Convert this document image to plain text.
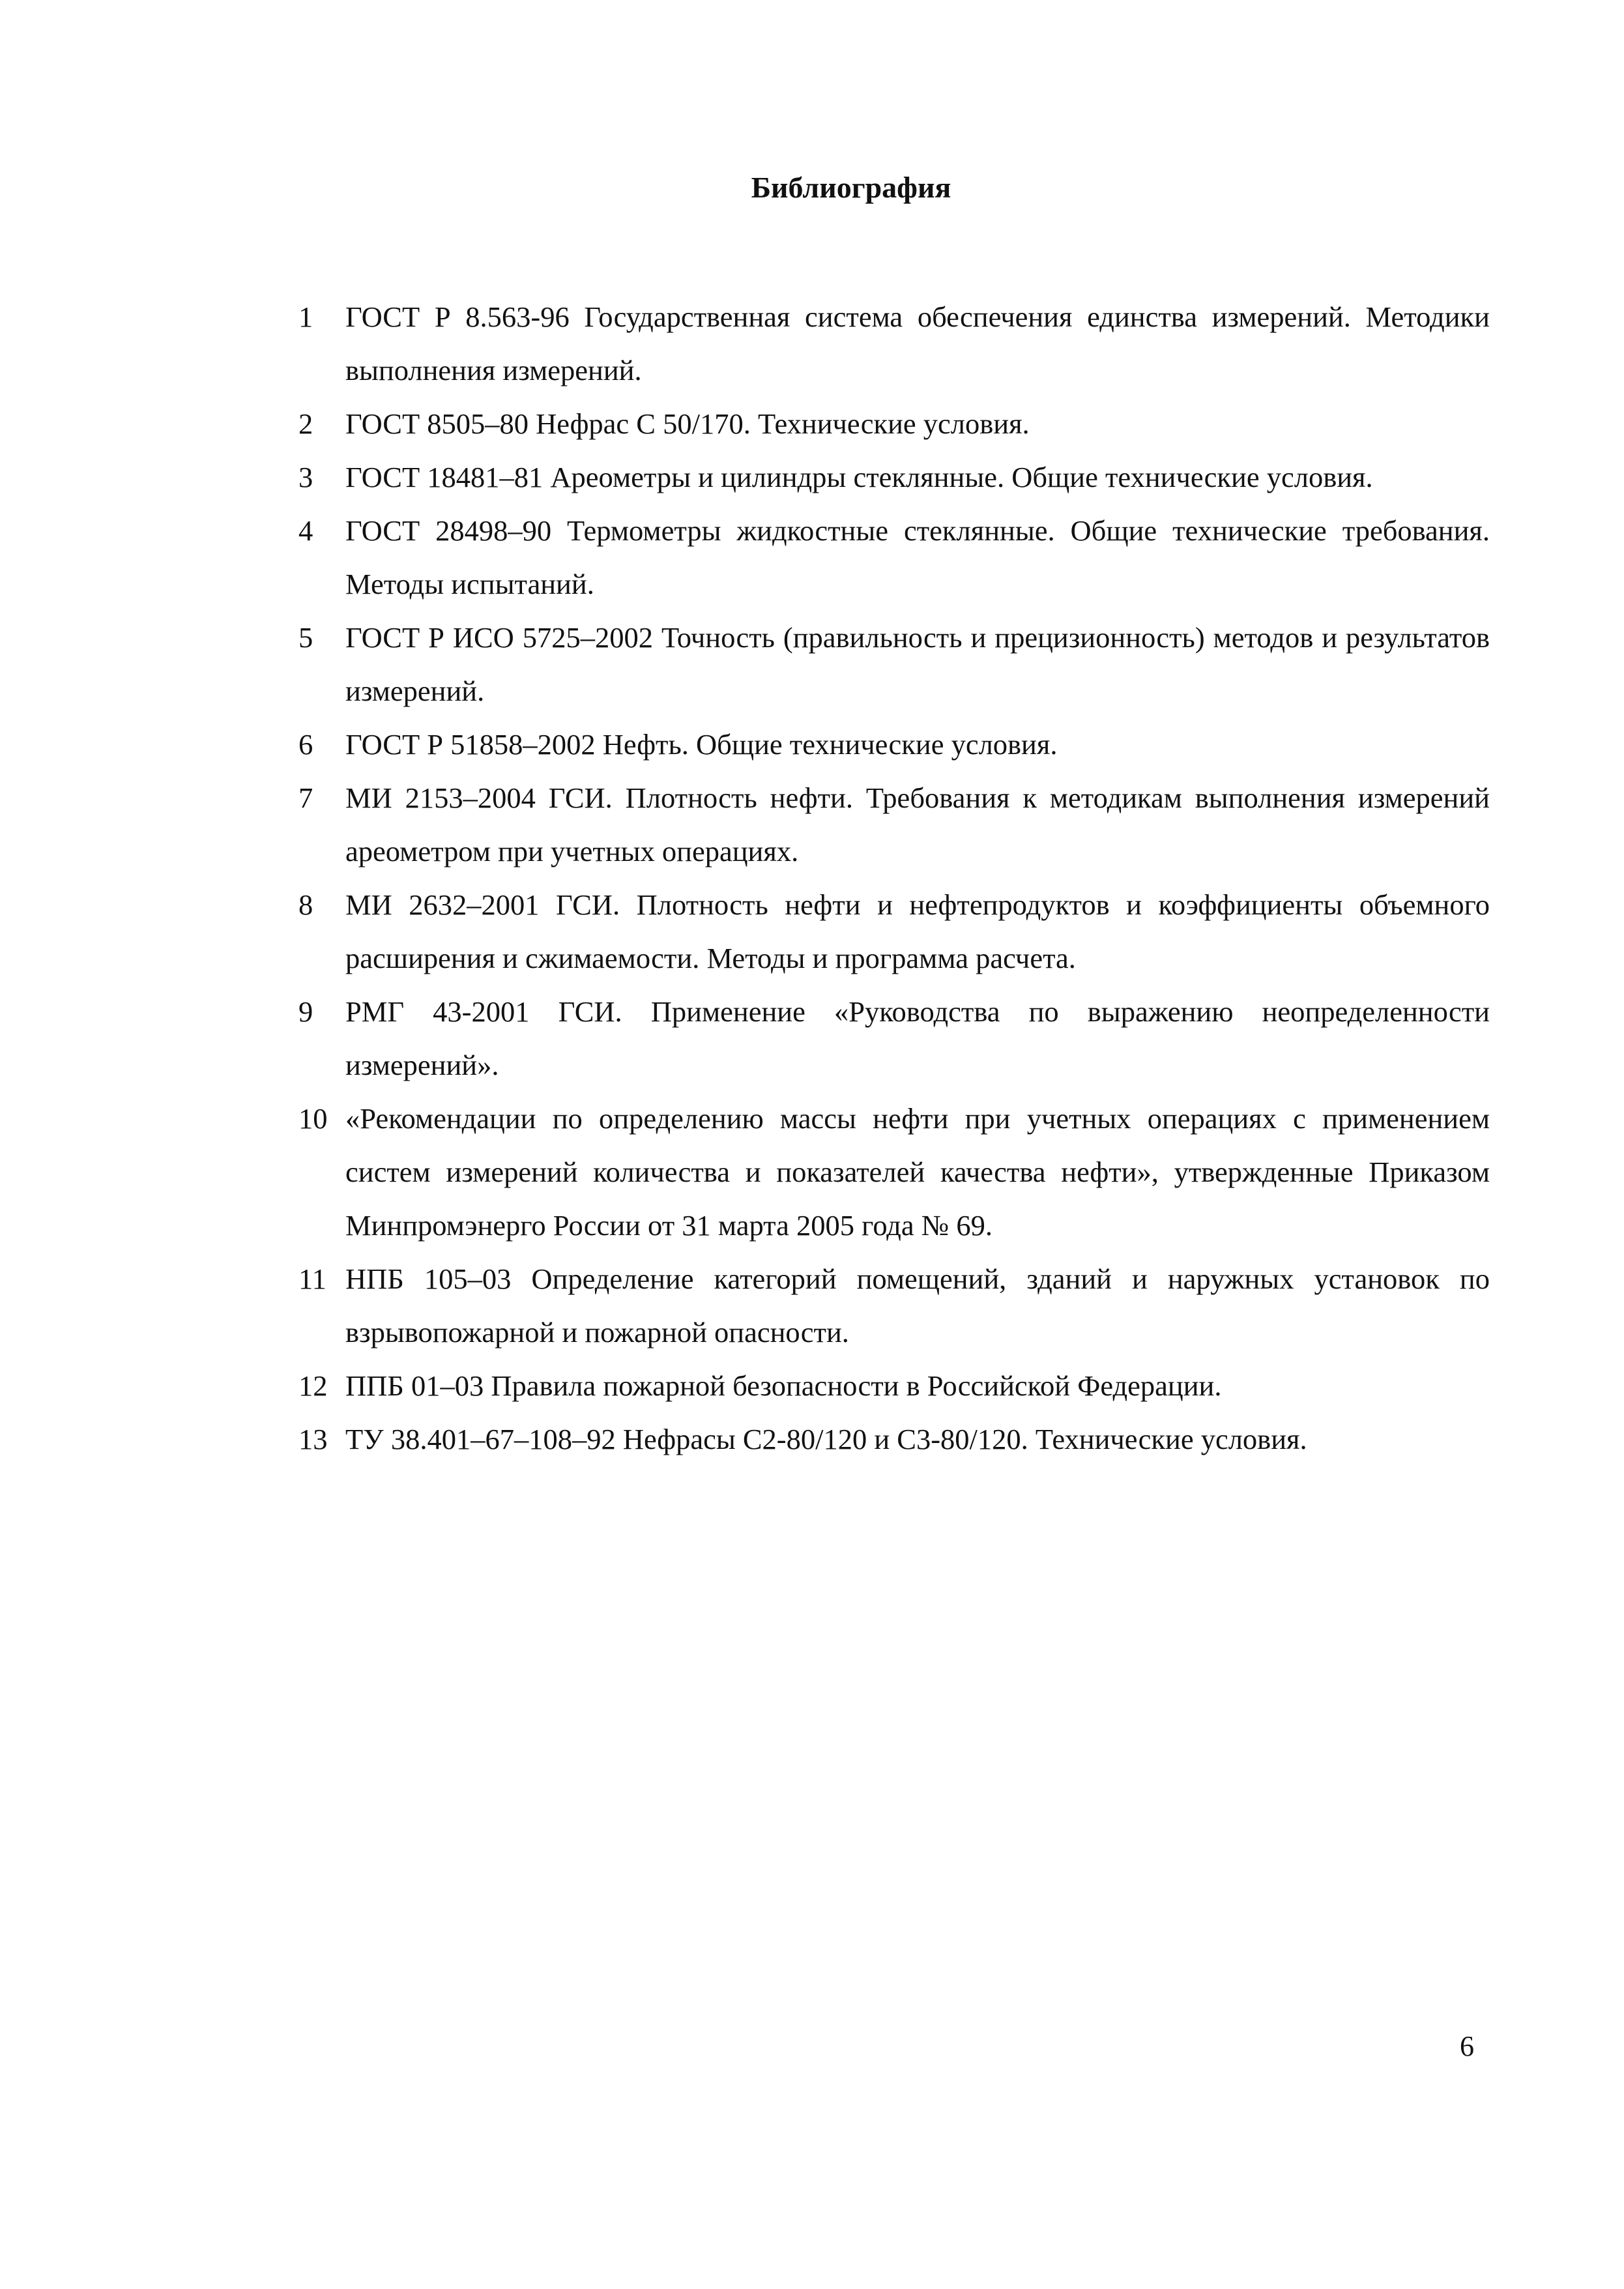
Библиография
1	ГОСТ Р 8.563-96 Государственная система обеспечения единства измерений. Методики выполнения измерений.
2	ГОСТ 8505–80 Нефрас С 50/170. Технические условия.
3	ГОСТ 18481–81 Ареометры и цилиндры стеклянные. Общие технические условия.
4	ГОСТ 28498–90 Термометры жидкостные стеклянные. Общие технические требования. Методы испытаний.
5	ГОСТ Р ИСО 5725–2002 Точность (правильность и прецизионность) методов и результатов измерений.
6	ГОСТ Р 51858–2002 Нефть. Общие технические условия.
7	МИ 2153–2004 ГСИ. Плотность нефти. Требования к методикам выполнения измерений ареометром при учетных операциях.
8	МИ 2632–2001 ГСИ. Плотность нефти и нефтепродуктов и коэффициенты объемного расширения и сжимаемости. Методы и программа расчета.
9	РМГ 43-2001 ГСИ. Применение «Руководства по выражению неопределенности измерений».
10 «Рекомендации по определению массы нефти при учетных операциях с применением систем измерений количества и показателей качества нефти», утвержденные Приказом Минпромэнерго России от 31 марта 2005 года № 69.
11 НПБ 105–03 Определение категорий помещений, зданий и наружных установок по взрывопожарной и пожарной опасности.
12 ППБ 01–03 Правила пожарной безопасности в Российской Федерации.
13 ТУ 38.401–67–108–92 Нефрасы С2-80/120 и С3-80/120. Технические условия.
6
